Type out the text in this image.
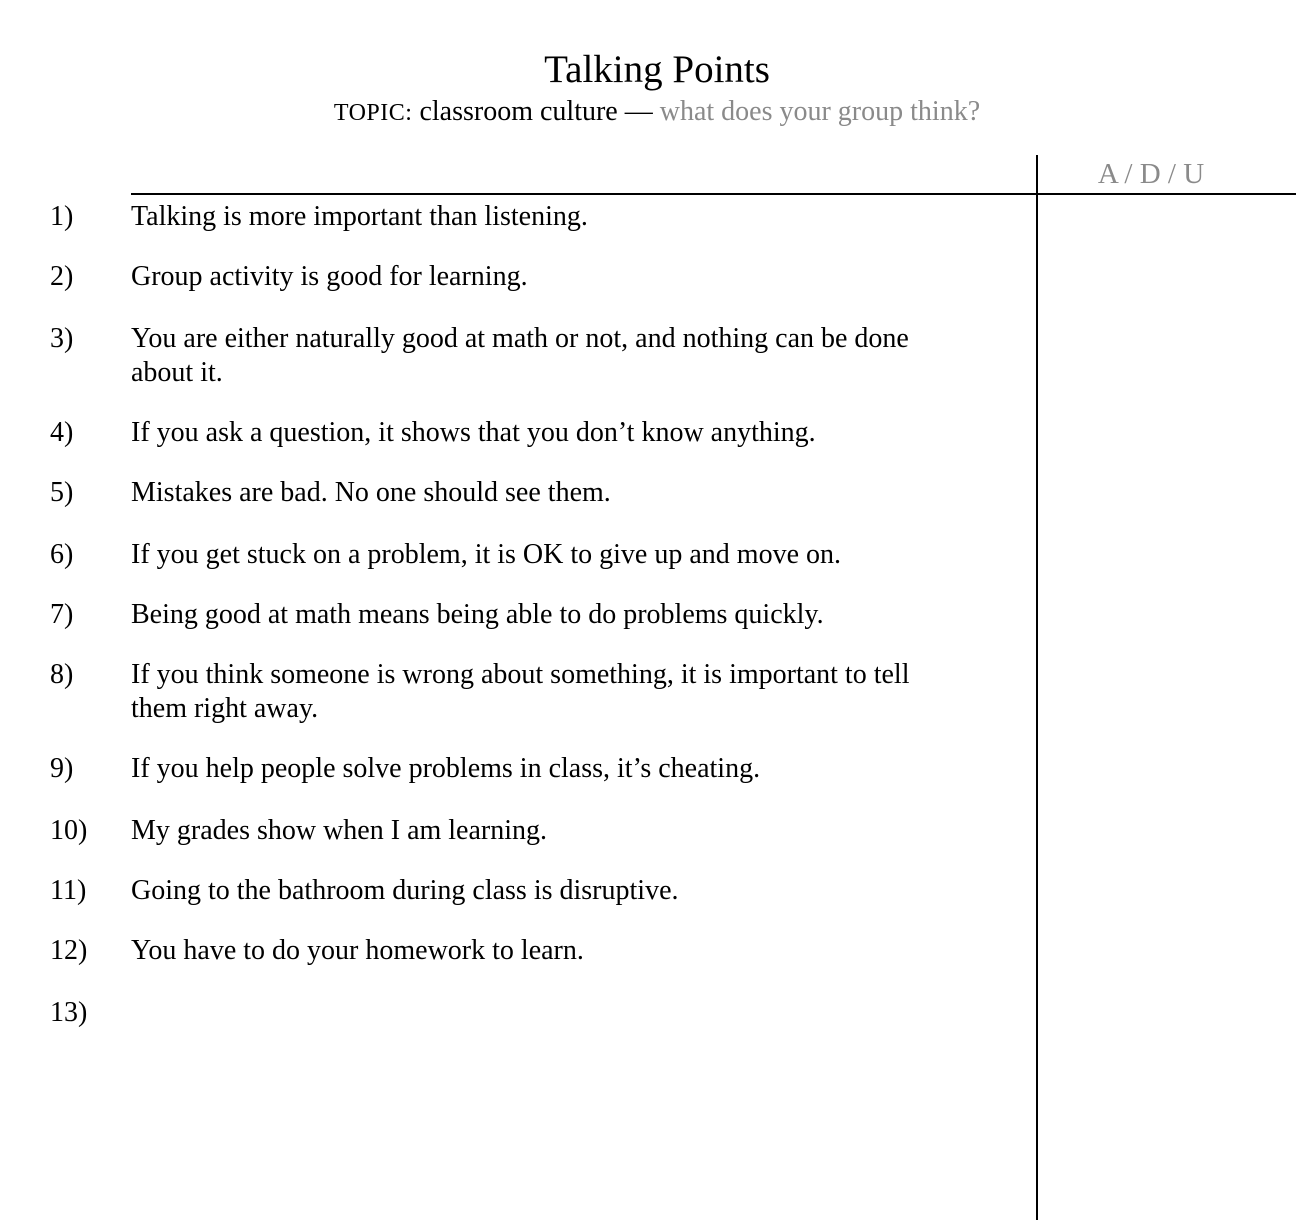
Talking Points
TOPIC: classroom culture — what does your group think?
A / D / U
1) Talking is more important than listening.
2) Group activity is good for learning.
3) You are either naturally good at math or not, and nothing can be done about it.
4) If you ask a question, it shows that you don’t know anything.
5) Mistakes are bad. No one should see them.
6) If you get stuck on a problem, it is OK to give up and move on.
7) Being good at math means being able to do problems quickly.
8) If you think someone is wrong about something, it is important to tell them right away.
9) If you help people solve problems in class, it’s cheating.
10) My grades show when I am learning.
11) Going to the bathroom during class is disruptive.
12) You have to do your homework to learn.
13)
